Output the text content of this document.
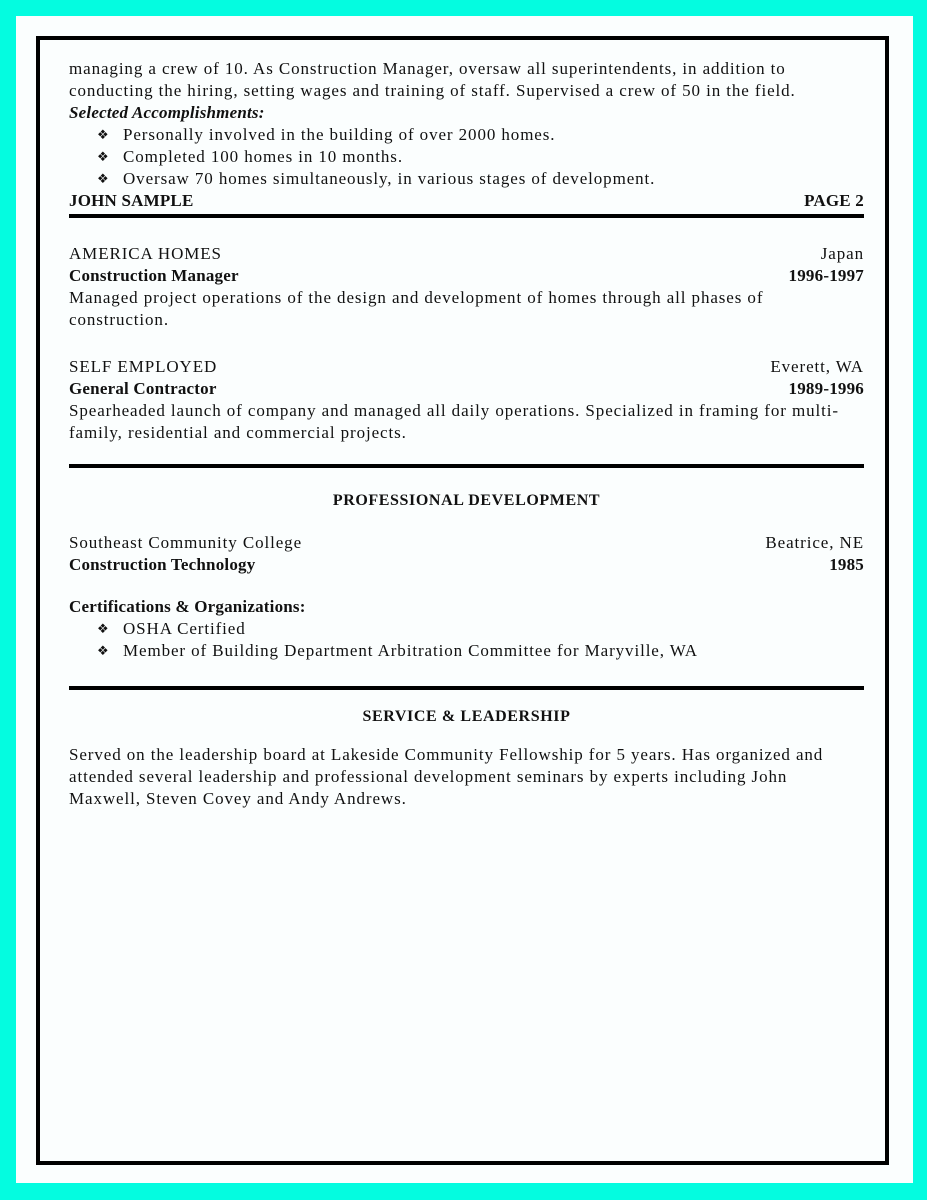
managing a crew of 10. As Construction Manager, oversaw all superintendents, in addition to conducting the hiring, setting wages and training of staff. Supervised a crew of 50 in the field.

Selected Accomplishments:
❖ Personally involved in the building of over 2000 homes.
❖ Completed 100 homes in 10 months.
❖ Oversaw 70 homes simultaneously, in various stages of development.
JOHN SAMPLE	PAGE 2
AMERICA HOMES	Japan
Construction Manager	1996-1997

Managed project operations of the design and development of homes through all phases of construction.

SELF EMPLOYED	Everett, WA
General Contractor	1989-1996

Spearheaded launch of company and managed all daily operations. Specialized in framing for multi-family, residential and commercial projects.

PROFESSIONAL DEVELOPMENT
Southeast Community College	Beatrice, NE
Construction Technology	1985
Certifications & Organizations:
❖ OSHA Certified
❖ Member of Building Department Arbitration Committee for Maryville, WA
SERVICE & LEADERSHIP

Served on the leadership board at Lakeside Community Fellowship for 5 years. Has organized and attended several leadership and professional development seminars by experts including John Maxwell, Steven Covey and Andy Andrews.
